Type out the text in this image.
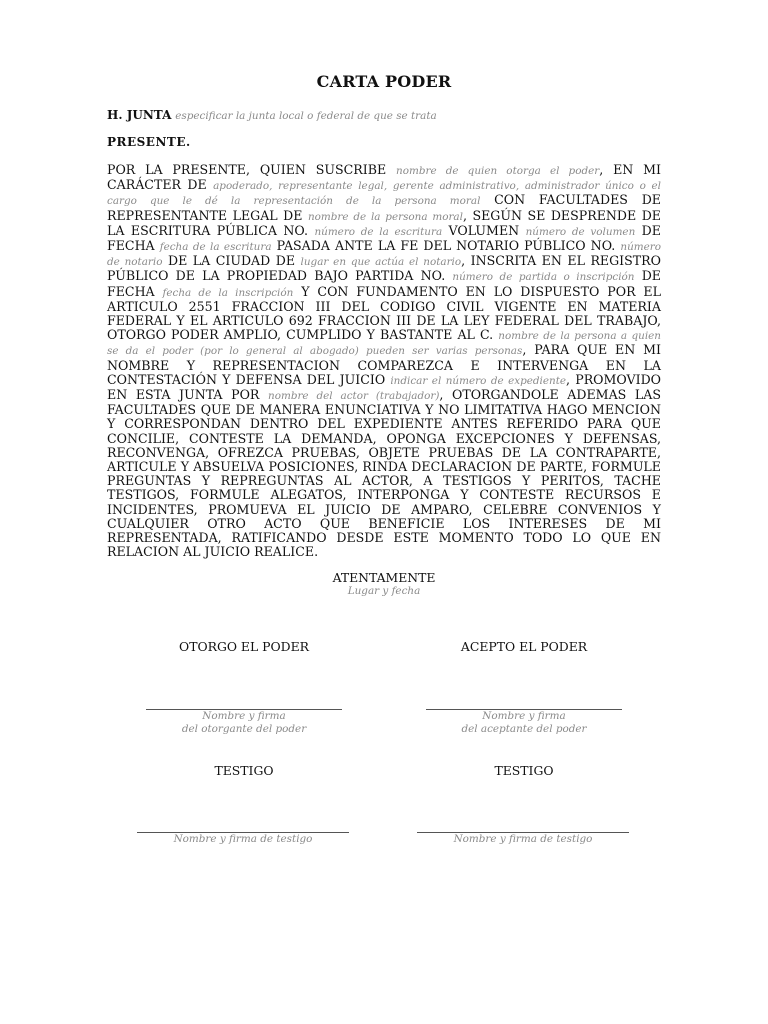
CARTA PODER
H. JUNTA especificar la junta local o federal de que se trata
PRESENTE.
POR LA PRESENTE, QUIEN SUSCRIBE nombre de quien otorga el poder, EN MI CARÁCTER DE apoderado, representante legal, gerente administrativo, administrador único o el cargo que le dé la representación de la persona moral CON FACULTADES DE REPRESENTANTE LEGAL DE nombre de la persona moral, SEGÚN SE DESPRENDE DE LA ESCRITURA PÚBLICA NO. número de la escritura VOLUMEN número de volumen DE FECHA fecha de la escritura PASADA ANTE LA FE DEL NOTARIO PÚBLICO NO. número de notario DE LA CIUDAD DE lugar en que actúa el notario, INSCRITA EN EL REGISTRO PÚBLICO DE LA PROPIEDAD BAJO PARTIDA NO. número de partida o inscripción DE FECHA fecha de la inscripción Y CON FUNDAMENTO EN LO DISPUESTO POR EL ARTICULO 2551 FRACCION III DEL CODIGO CIVIL VIGENTE EN MATERIA FEDERAL Y EL ARTICULO 692 FRACCION III DE LA LEY FEDERAL DEL TRABAJO, OTORGO PODER AMPLIO, CUMPLIDO Y BASTANTE AL C. nombre de la persona a quien se da el poder (por lo general al abogado) pueden ser varias personas, PARA QUE EN MI NOMBRE Y REPRESENTACION COMPAREZCA E INTERVENGA EN LA CONTESTACIÓN Y DEFENSA DEL JUICIO indicar el número de expediente, PROMOVIDO EN ESTA JUNTA POR nombre del actor (trabajador), OTORGANDOLE ADEMAS LAS FACULTADES QUE DE MANERA ENUNCIATIVA Y NO LIMITATIVA HAGO MENCION Y CORRESPONDAN DENTRO DEL EXPEDIENTE ANTES REFERIDO PARA QUE CONCILIE, CONTESTE LA DEMANDA, OPONGA EXCEPCIONES Y DEFENSAS, RECONVENGA, OFREZCA PRUEBAS, OBJETE PRUEBAS DE LA CONTRAPARTE, ARTICULE Y ABSUELVA POSICIONES, RINDA DECLARACION DE PARTE, FORMULE PREGUNTAS Y REPREGUNTAS AL ACTOR, A TESTIGOS Y PERITOS, TACHE TESTIGOS, FORMULE ALEGATOS, INTERPONGA Y CONTESTE RECURSOS E INCIDENTES, PROMUEVA EL JUICIO DE AMPARO, CELEBRE CONVENIOS Y CUALQUIER OTRO ACTO QUE BENEFICIE LOS INTERESES DE MI REPRESENTADA, RATIFICANDO DESDE ESTE MOMENTO TODO LO QUE EN RELACION AL JUICIO REALICE.
ATENTAMENTE
Lugar y fecha
OTORGO EL PODER	ACEPTO EL PODER
Nombre y firma
del otorgante del poder
Nombre y firma
del aceptante del poder
TESTIGO	TESTIGO
Nombre y firma de testigo	Nombre y firma de testigo
